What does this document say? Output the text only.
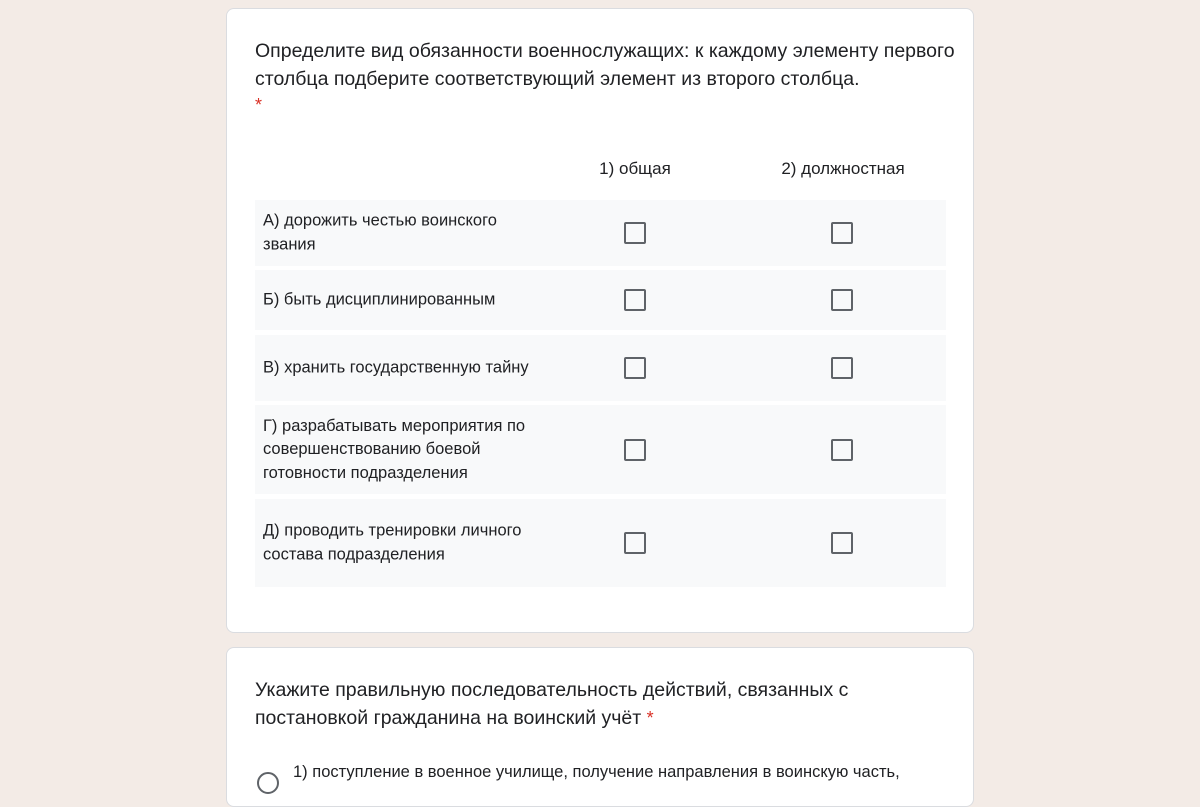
Определите вид обязанности военнослужащих: к каждому элементу первого столбца подберите соответствующий элемент из второго столбца.

*
1) общая	2) должностная
А) дорожить честью воинского звания
Б) быть дисциплинированным
В) хранить государственную тайну
Г) разрабатывать мероприятия по совершенствованию боевой готовности подразделения
Д) проводить тренировки личного состава подразделения

Укажите правильную последовательность действий, связанных с постановкой гражданина на воинский учёт *

1) поступление в военное училище, получение направления в воинскую часть,
